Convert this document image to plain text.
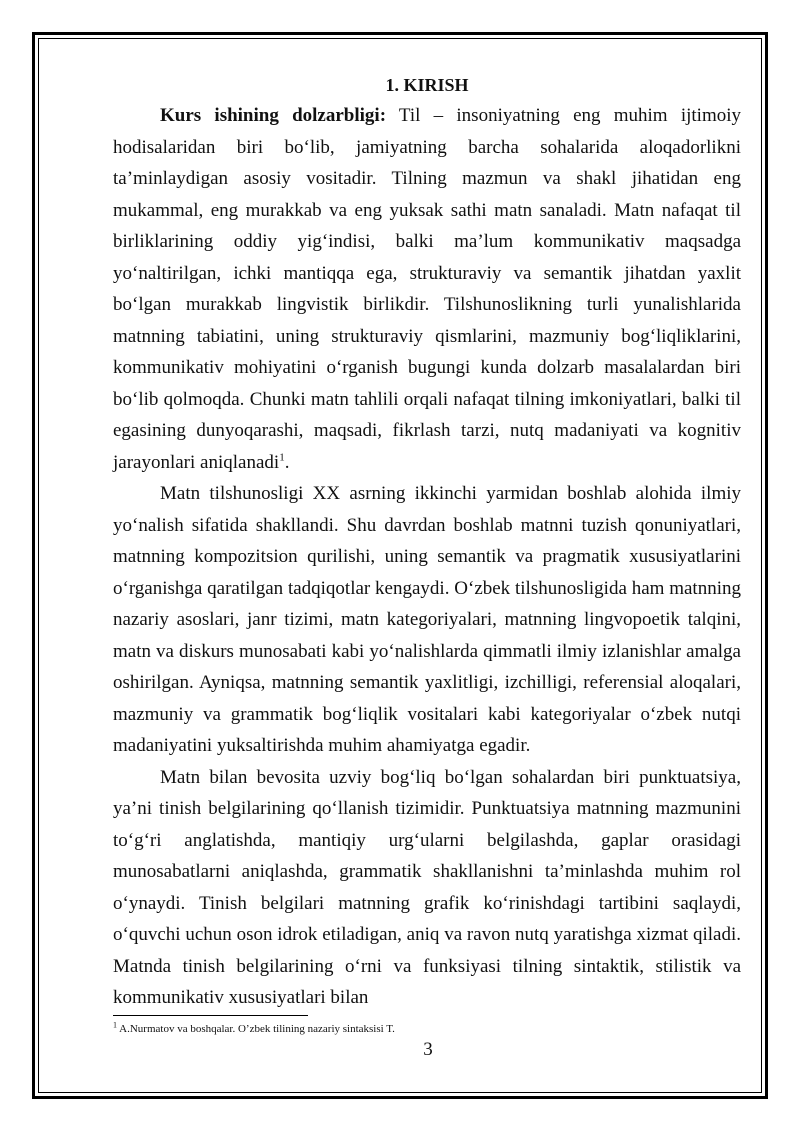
1. KIRISH

Kurs ishining dolzarbligi: Til – insoniyatning eng muhim ijtimoiy hodisalaridan biri bo‘lib, jamiyatning barcha sohalarida aloqadorlikni ta’minlaydigan asosiy vositadir. Tilning mazmun va shakl jihatidan eng mukammal, eng murakkab va eng yuksak sathi matn sanaladi. Matn nafaqat til birliklarining oddiy yig‘indisi, balki ma’lum kommunikativ maqsadga yo‘naltirilgan, ichki mantiqqa ega, strukturaviy va semantik jihatdan yaxlit bo‘lgan murakkab lingvistik birlikdir. Tilshunoslikning turli yunalishlarida matnning tabiatini, uning strukturaviy qismlarini, mazmuniy bog‘liqliklarini, kommunikativ mohiyatini o‘rganish bugungi kunda dolzarb masalalardan biri bo‘lib qolmoqda. Chunki matn tahlili orqali nafaqat tilning imkoniyatlari, balki til egasining dunyoqarashi, maqsadi, fikrlash tarzi, nutq madaniyati va kognitiv jarayonlari aniqlanadi$^1$.

Matn tilshunosligi XX asrning ikkinchi yarmidan boshlab alohida ilmiy yo‘nalish sifatida shakllandi. Shu davrdan boshlab matnni tuzish qonuniyatlari, matnning kompozitsion qurilishi, uning semantik va pragmatik xususiyatlarini o‘rganishga qaratilgan tadqiqotlar kengaydi. O‘zbek tilshunosligida ham matnning nazariy asoslari, janr tizimi, matn kategoriyalari, matnning lingvopoetik talqini, matn va diskurs munosabati kabi yo‘nalishlarda qimmatli ilmiy izlanishlar amalga oshirilgan. Ayniqsa, matnning semantik yaxlitligi, izchilligi, referensial aloqalari, mazmuniy va grammatik bog‘liqlik vositalari kabi kategoriyalar o‘zbek nutqi madaniyatini yuksaltirishda muhim ahamiyatga egadir.

Matn bilan bevosita uzviy bog‘liq bo‘lgan sohalardan biri punktuatsiya, ya’ni tinish belgilarining qo‘llanish tizimidir. Punktuatsiya matnning mazmunini to‘g‘ri anglatishda, mantiqiy urg‘ularni belgilashda, gaplar orasidagi munosabatlarni aniqlashda, grammatik shakllanishni ta’minlashda muhim rol o‘ynaydi. Tinish belgilari matnning grafik ko‘rinishdagi tartibini saqlaydi, o‘quvchi uchun oson idrok etiladigan, aniq va ravon nutq yaratishga xizmat qiladi. Matnda tinish belgilarining o‘rni va funksiyasi tilning sintaktik, stilistik va kommunikativ xususiyatlari bilan

$^1$ A.Nurmatov va boshqalar. O’zbek tilining nazariy sintaksisi T.
3
